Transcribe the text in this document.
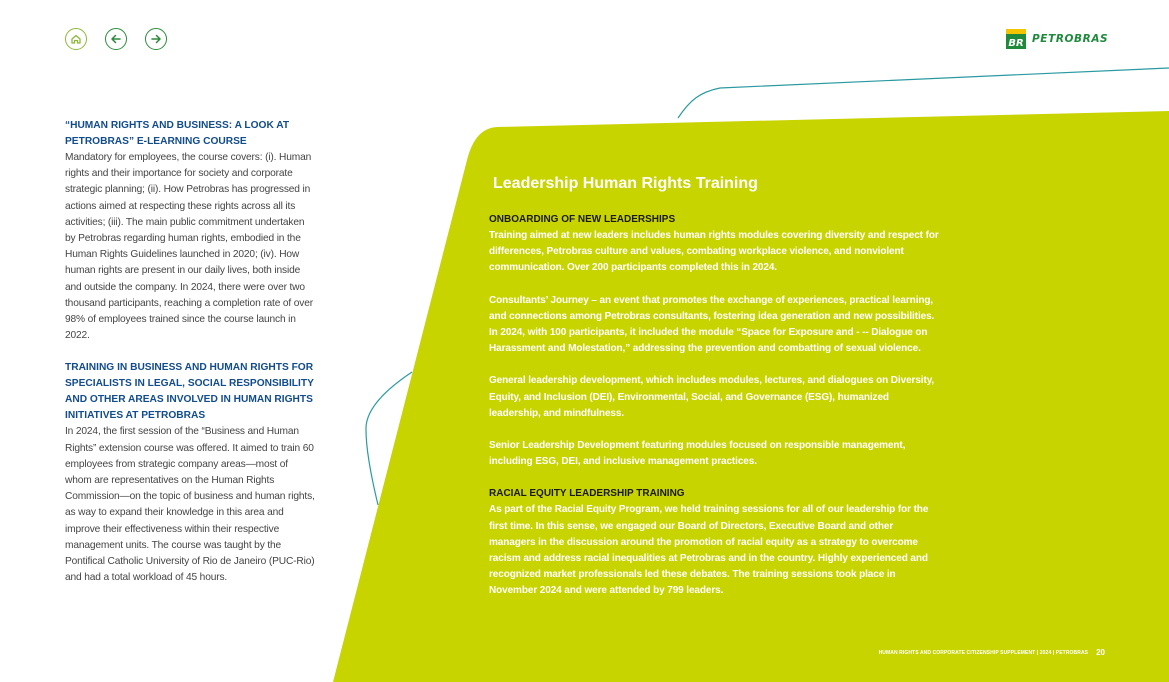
BR PETROBRAS
“HUMAN RIGHTS AND BUSINESS: A LOOK AT PETROBRAS” E-LEARNING COURSE

Mandatory for employees, the course covers: (i). Human rights and their importance for society and corporate strategic planning; (ii). How Petrobras has progressed in actions aimed at respecting these rights across all its activities; (iii). The main public commitment undertaken by Petrobras regarding human rights, embodied in the Human Rights Guidelines launched in 2020; (iv). How human rights are present in our daily lives, both inside and outside the company. In 2024, there were over two thousand participants, reaching a completion rate of over 98% of employees trained since the course launch in 2022.

TRAINING IN BUSINESS AND HUMAN RIGHTS FOR SPECIALISTS IN LEGAL, SOCIAL RESPONSIBILITY AND OTHER AREAS INVOLVED IN HUMAN RIGHTS INITIATIVES AT PETROBRAS

In 2024, the first session of the “Business and Human Rights” extension course was offered. It aimed to train 60 employees from strategic company areas—most of whom are representatives on the Human Rights Commission—on the topic of business and human rights, as way to expand their knowledge in this area and improve their effectiveness within their respective management units. The course was taught by the Pontifical Catholic University of Rio de Janeiro (PUC-Rio) and had a total workload of 45 hours.

Leadership Human Rights Training

ONBOARDING OF NEW LEADERSHIPS

Training aimed at new leaders includes human rights modules covering diversity and respect for differences, Petrobras culture and values, combating workplace violence, and nonviolent communication. Over 200 participants completed this in 2024.

Consultants’ Journey – an event that promotes the exchange of experiences, practical learning, and connections among Petrobras consultants, fostering idea generation and new possibilities. In 2024, with 100 participants, it included the module “Space for Exposure and - -- Dialogue on Harassment and Molestation,” addressing the prevention and combatting of sexual violence.

General leadership development, which includes modules, lectures, and dialogues on Diversity, Equity, and Inclusion (DEI), Environmental, Social, and Governance (ESG), humanized leadership, and mindfulness.

Senior Leadership Development featuring modules focused on responsible management, including ESG, DEI, and inclusive management practices.

RACIAL EQUITY LEADERSHIP TRAINING

As part of the Racial Equity Program, we held training sessions for all of our leadership for the first time. In this sense, we engaged our Board of Directors, Executive Board and other managers in the discussion around the promotion of racial equity as a strategy to overcome racism and address racial inequalities at Petrobras and in the country. Highly experienced and recognized market professionals led these debates. The training sessions took place in November 2024 and were attended by 799 leaders.

HUMAN RIGHTS AND CORPORATE CITIZENSHIP SUPPLEMENT | 2024 | PETROBRAS 20
